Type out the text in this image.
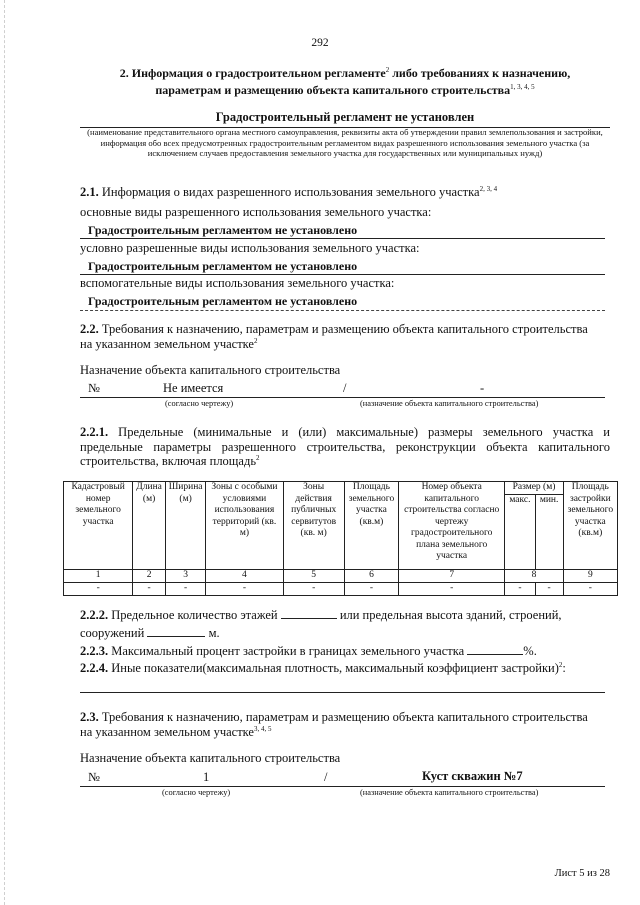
292
2. Информация о градостроительном регламенте$^2$ либо требованиях к назначению,
параметрам и размещению объекта капитального строительства$^{1, 3, 4, 5}$
Градостроительный регламент не установлен
(наименование представительного органа местного самоуправления, реквизиты акта об утверждении правил землепользования и застройки, информация обо всех предусмотренных градостроительным регламентом видах разрешенного использования земельного участка (за исключением случаев предоставления земельного участка для государственных или муниципальных нужд)
2.1. Информация о видах разрешенного использования земельного участка$^{2, 3, 4}$
основные виды разрешенного использования земельного участка:
Градостроительным регламентом не установлено
условно разрешенные виды использования земельного участка:
Градостроительным регламентом не установлено
вспомогательные виды использования земельного участка:
Градостроительным регламентом не установлено
2.2. Требования к назначению, параметрам и размещению объекта капитального строительства
на указанном земельном участке$^2$
Назначение объекта капитального строительства
№	Не имеется	/	-
(согласно чертежу)	(назначение объекта капитального строительства)
2.2.1. Предельные (минимальные и (или) максимальные) размеры земельного участка и предельные параметры разрешенного строительства, реконструкции объекта капитального строительства, включая площадь$^2$
Кадастровый номер земельного участка	Длина (м)	Ширина (м)	Зоны с особыми условиями использования территорий (кв. м)	Зоны действия публичных сервитутов (кв. м)	Площадь земельного участка (кв.м)	Номер объекта капитального строительства согласно чертежу градостроительного плана земельного участка	Размер (м)		Площадь застройки земельного участка (кв.м)
							макс.	мин.	
1	2	3	4	5	6	7	8		9
-	-	-	-	-	-	-	-	-	-
2.2.2. Предельное количество этажей	или предельная высота зданий, строений,
сооружений	м.
2.2.3. Максимальный процент застройки в границах земельного участка	%.
2.2.4. Иные показатели(максимальная плотность, максимальный коэффициент застройки)$^2$:
2.3. Требования к назначению, параметрам и размещению объекта капитального строительства
на указанном земельном участке$^{3, 4, 5}$
Назначение объекта капитального строительства
№	1	/	Куст скважин №7
(согласно чертежу)	(назначение объекта капитального строительства)
Лист 5 из 28
